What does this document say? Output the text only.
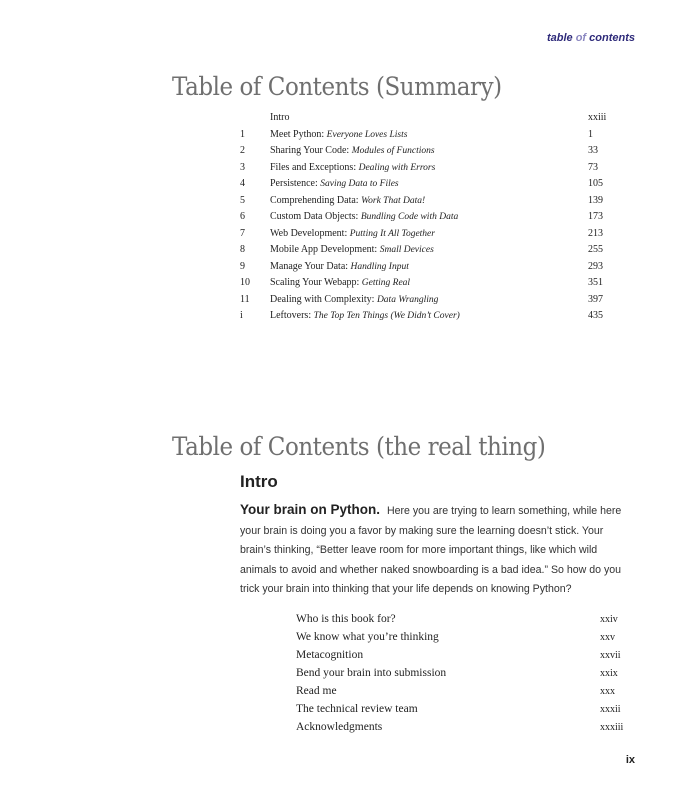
table of contents
Table of Contents (Summary)
Intro	xxiii
1	Meet Python: Everyone Loves Lists	1
2	Sharing Your Code: Modules of Functions	33
3	Files and Exceptions: Dealing with Errors	73
4	Persistence: Saving Data to Files	105
5	Comprehending Data: Work That Data!	139
6	Custom Data Objects: Bundling Code with Data	173
7	Web Development: Putting It All Together	213
8	Mobile App Development: Small Devices	255
9	Manage Your Data: Handling Input	293
10 Scaling Your Webapp: Getting Real	351
11 Dealing with Complexity: Data Wrangling	397
i	Leftovers: The Top Ten Things (We Didn’t Cover)	435
Table of Contents (the real thing)
Intro
Your brain on Python. Here you are trying to learn something, while here your brain is doing you a favor by making sure the learning doesn’t stick. Your brain’s thinking, “Better leave room for more important things, like which wild animals to avoid and whether naked snowboarding is a bad idea.” So how do you trick your brain into thinking that your life depends on knowing Python?
Who is this book for?	xxiv
We know what you’re thinking	xxv
Metacognition	xxvii
Bend your brain into submission	xxix
Read me	xxx
The technical review team	xxxii
Acknowledgments	xxxiii
ix
